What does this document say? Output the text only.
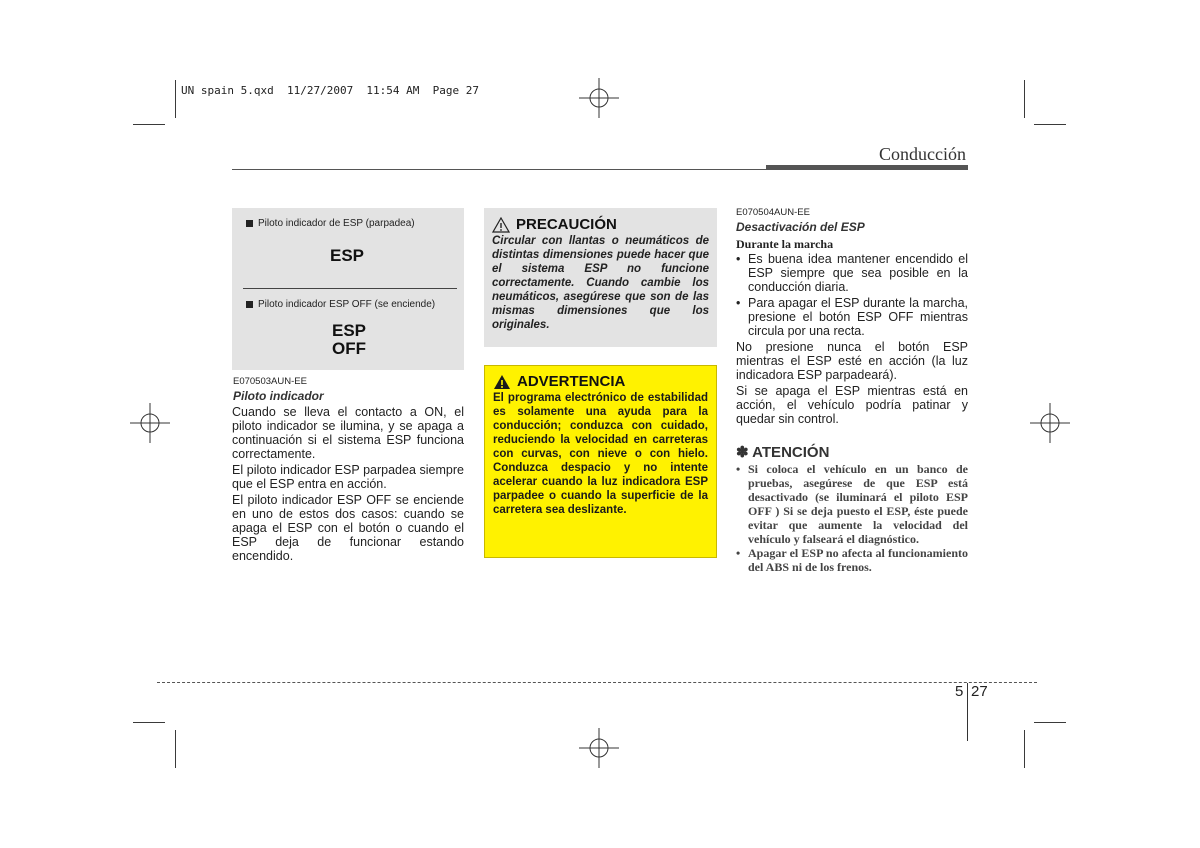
UN spain 5.qxd  11/27/2007  11:54 AM  Page 27
Conducción
Piloto indicador de ESP (parpadea)
ESP
Piloto indicador ESP OFF (se enciende)
ESP
OFF
E070503AUN-EE
Piloto indicador

Cuando se lleva el contacto a ON, el piloto indicador se ilumina, y se apaga a continuación si el sistema ESP funciona correctamente.

El piloto indicador ESP parpadea siempre que el ESP entra en acción.

El piloto indicador ESP OFF se enciende en uno de estos dos casos: cuando se apaga el ESP con el botón o cuando el ESP deja de funcionar estando encendido.

PRECAUCIÓN

Circular con llantas o neumáticos de distintas dimensiones puede hacer que el sistema ESP no funcione correctamente. Cuando cambie los neumáticos, asegúrese que son de las mismas dimensiones que los originales.

ADVERTENCIA

El programa electrónico de estabilidad es solamente una ayuda para la conducción; conduzca con cuidado, reduciendo la velocidad en carreteras con curvas, con nieve o con hielo. Conduzca despacio y no intente acelerar cuando la luz indicadora ESP parpadee o cuando la superficie de la carretera sea deslizante.

E070504AUN-EE
Desactivación del ESP
Durante la marcha
• Es buena idea mantener encendido el ESP siempre que sea posible en la conducción diaria.
• Para apagar el ESP durante la marcha, presione el botón ESP OFF mientras circula por una recta.

No presione nunca el botón ESP mientras el ESP esté en acción (la luz indicadora ESP parpadeará).

Si se apaga el ESP mientras está en acción, el vehículo podría patinar y quedar sin control.

✽ ATENCIÓN
• Si coloca el vehículo en un banco de pruebas, asegúrese de que ESP está desactivado (se iluminará el piloto ESP OFF ) Si se deja puesto el ESP, éste puede evitar que aumente la velocidad del vehículo y falseará el diagnóstico.
• Apagar el ESP no afecta al funcionamiento del ABS ni de los frenos.
5 27
